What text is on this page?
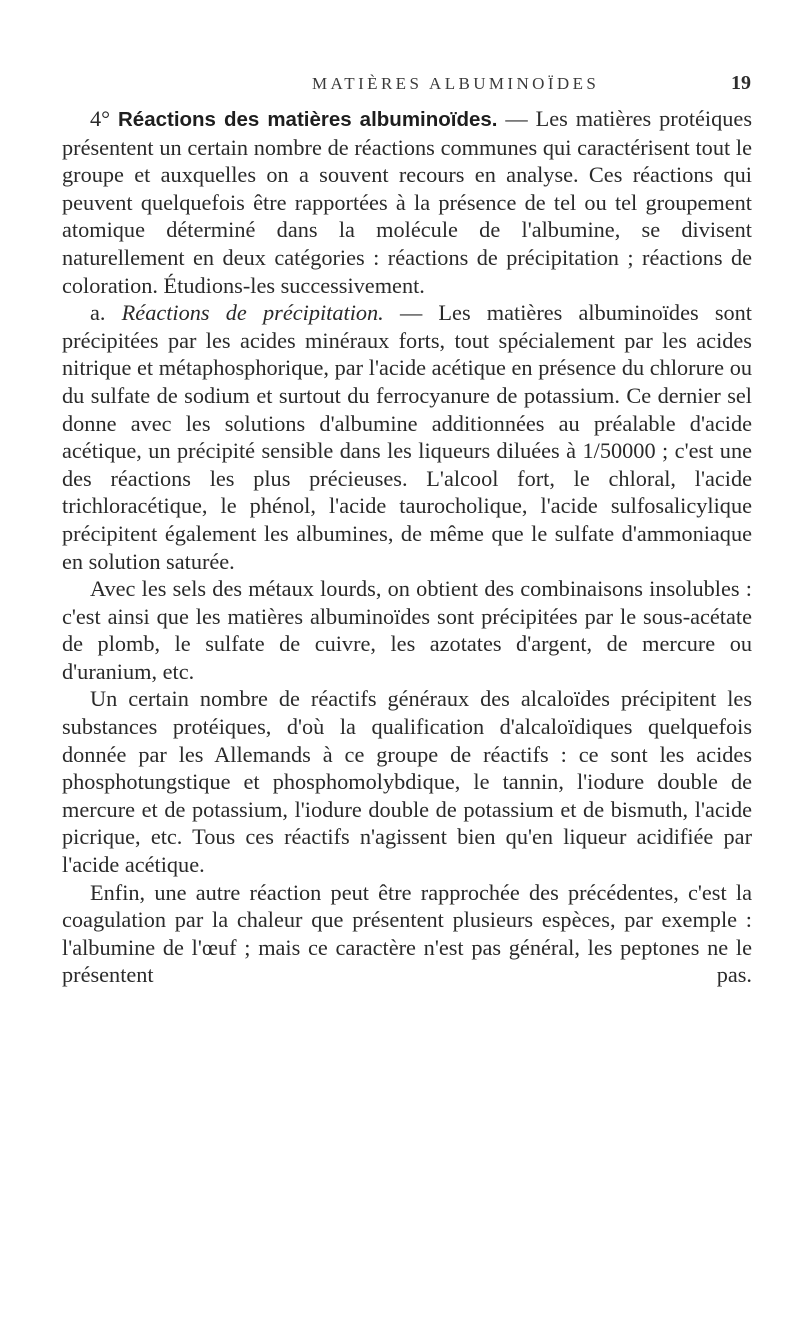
MATIÈRES ALBUMINOÏDES	19

4° Réactions des matières albuminoïdes. — Les matières protéiques présentent un certain nombre de réactions communes qui caractérisent tout le groupe et auxquelles on a souvent recours en analyse. Ces réactions qui peuvent quelquefois être rapportées à la présence de tel ou tel groupement atomique déterminé dans la molécule de l'albumine, se divisent naturellement en deux catégories : réactions de précipitation ; réactions de coloration. Étudions-les successivement.

a. Réactions de précipitation. — Les matières albuminoïdes sont précipitées par les acides minéraux forts, tout spécialement par les acides nitrique et métaphosphorique, par l'acide acétique en présence du chlorure ou du sulfate de sodium et surtout du ferrocyanure de potassium. Ce dernier sel donne avec les solutions d'albumine additionnées au préalable d'acide acétique, un précipité sensible dans les liqueurs diluées à 1/50000 ; c'est une des réactions les plus précieuses. L'alcool fort, le chloral, l'acide trichloracétique, le phénol, l'acide taurocholique, l'acide sulfosalicylique précipitent également les albumines, de même que le sulfate d'ammoniaque en solution saturée.

Avec les sels des métaux lourds, on obtient des combinaisons insolubles : c'est ainsi que les matières albuminoïdes sont précipitées par le sous-acétate de plomb, le sulfate de cuivre, les azotates d'argent, de mercure ou d'uranium, etc.

Un certain nombre de réactifs généraux des alcaloïdes précipitent les substances protéiques, d'où la qualification d'alcaloïdiques quelquefois donnée par les Allemands à ce groupe de réactifs : ce sont les acides phosphotungstique et phosphomolybdique, le tannin, l'iodure double de mercure et de potassium, l'iodure double de potassium et de bismuth, l'acide picrique, etc. Tous ces réactifs n'agissent bien qu'en liqueur acidifiée par l'acide acétique.

Enfin, une autre réaction peut être rapprochée des précédentes, c'est la coagulation par la chaleur que présentent plusieurs espèces, par exemple : l'albumine de l'œuf ; mais ce caractère n'est pas général, les peptones ne le présentent pas.
